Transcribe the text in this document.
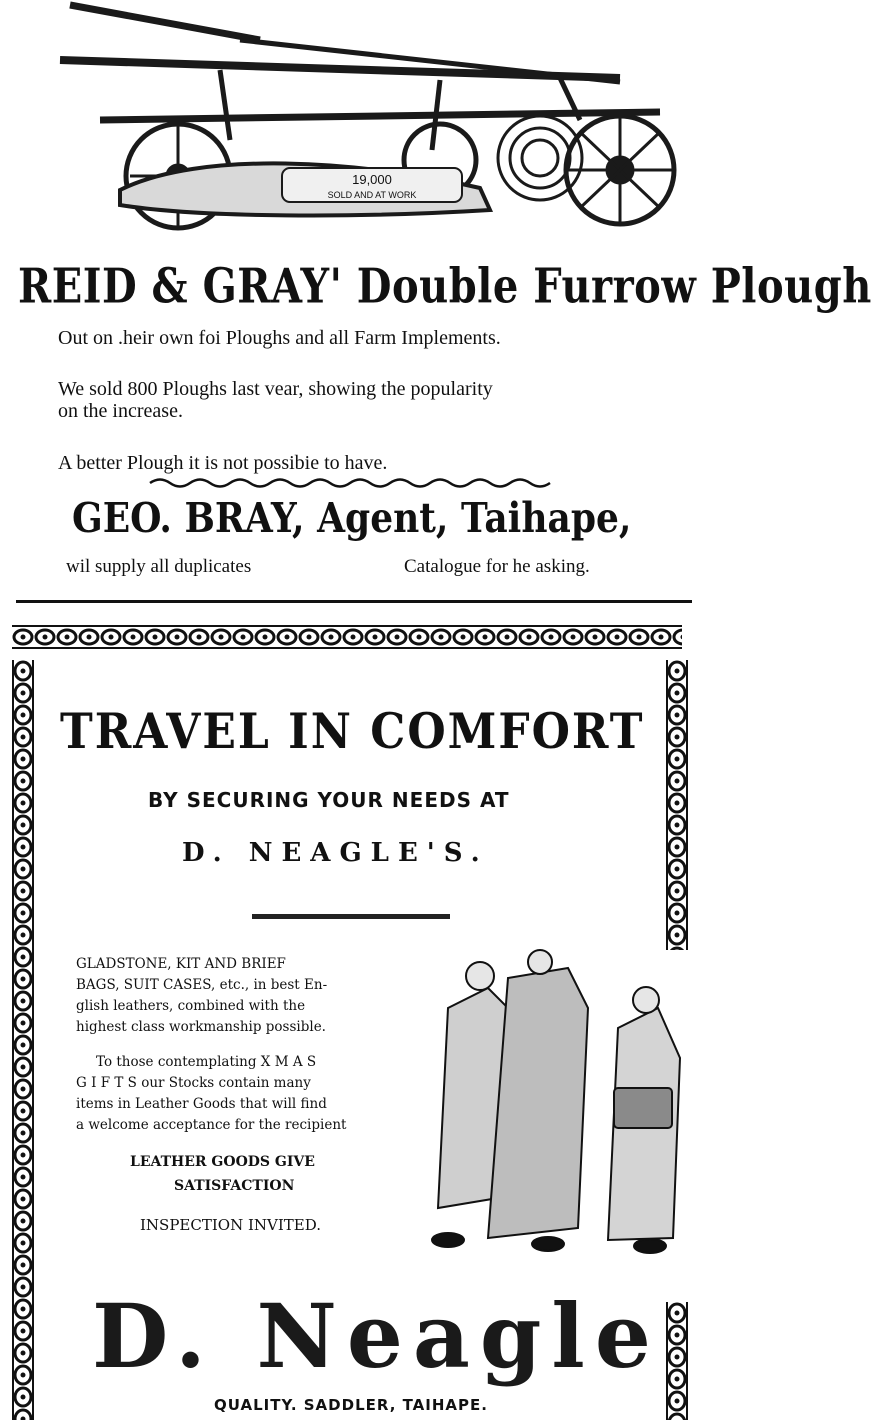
19,000
SOLD AND AT WORK
REID & GRAY' Double Furrow Plough
Out on .heir own foi Ploughs and all Farm Implements.
We sold 800 Ploughs last vear, showing the popularity
on the increase.
A better Plough it is not possibie to have.
GEO. BRAY, Agent, Taihape,
wil supply all duplicates	Catalogue for he asking.
TRAVEL IN COMFORT
BY SECURING YOUR NEEDS AT
D. NEAGLE'S.
GLADSTONE, KIT AND BRIEF
BAGS, SUIT CASES, etc., in best En-
glish leathers, combined with the
highest class workmanship possible.
To those contemplating X M A S
G I F T S our Stocks contain many
items in Leather Goods that will find
a welcome acceptance for the recipient
LEATHER GOODS GIVE
SATISFACTION
INSPECTION INVITED.
D. Neagle
QUALITY. SADDLER, TAIHAPE.
